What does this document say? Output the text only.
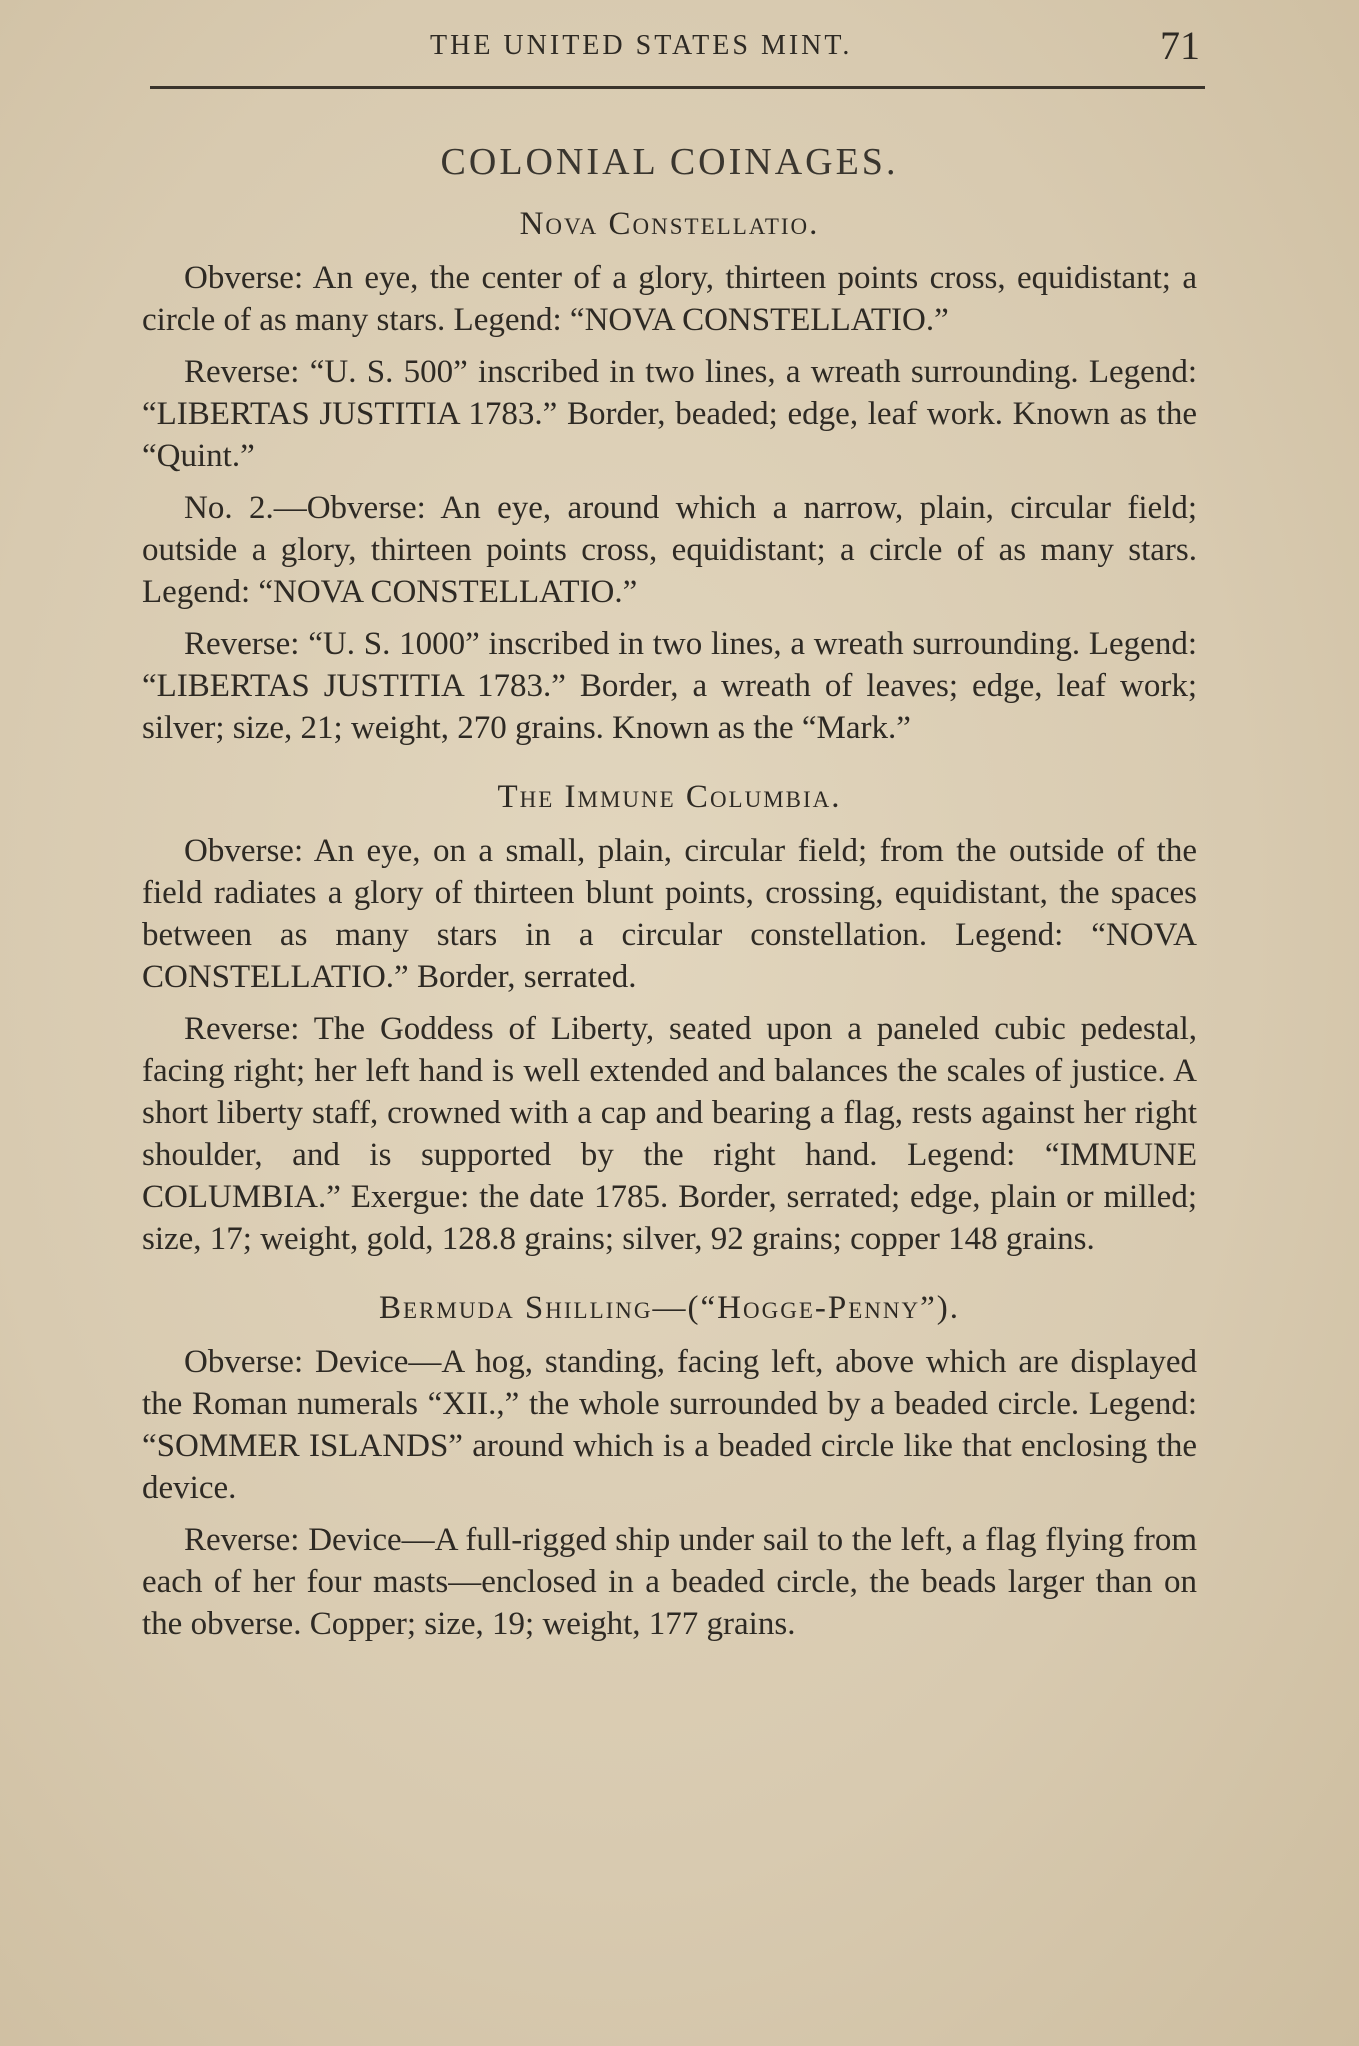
THE UNITED STATES MINT.	71
COLONIAL COINAGES.
Nova Constellatio.

Obverse: An eye, the center of a glory, thirteen points cross, equidistant; a circle of as many stars. Legend: “NOVA CONSTELLATIO.”

Reverse: “U. S. 500” inscribed in two lines, a wreath surrounding. Legend: “LIBERTAS JUSTITIA 1783.” Border, beaded; edge, leaf work. Known as the “Quint.”

No. 2.—Obverse: An eye, around which a narrow, plain, circular field; outside a glory, thirteen points cross, equidistant; a circle of as many stars. Legend: “NOVA CONSTELLATIO.”

Reverse: “U. S. 1000” inscribed in two lines, a wreath surrounding. Legend: “LIBERTAS JUSTITIA 1783.” Border, a wreath of leaves; edge, leaf work; silver; size, 21; weight, 270 grains. Known as the “Mark.”

The Immune Columbia.

Obverse: An eye, on a small, plain, circular field; from the outside of the field radiates a glory of thirteen blunt points, crossing, equidistant, the spaces between as many stars in a circular constellation. Legend: “NOVA CONSTELLATIO.” Border, serrated.

Reverse: The Goddess of Liberty, seated upon a paneled cubic pedestal, facing right; her left hand is well extended and balances the scales of justice. A short liberty staff, crowned with a cap and bearing a flag, rests against her right shoulder, and is supported by the right hand. Legend: “IMMUNE COLUMBIA.” Exergue: the date 1785. Border, serrated; edge, plain or milled; size, 17; weight, gold, 128.8 grains; silver, 92 grains; copper 148 grains.

Bermuda Shilling—(“Hogge-Penny”).

Obverse: Device—A hog, standing, facing left, above which are displayed the Roman numerals “XII.,” the whole surrounded by a beaded circle. Legend: “SOMMER ISLANDS” around which is a beaded circle like that enclosing the device.

Reverse: Device—A full-rigged ship under sail to the left, a flag flying from each of her four masts—enclosed in a beaded circle, the beads larger than on the obverse. Copper; size, 19; weight, 177 grains.
